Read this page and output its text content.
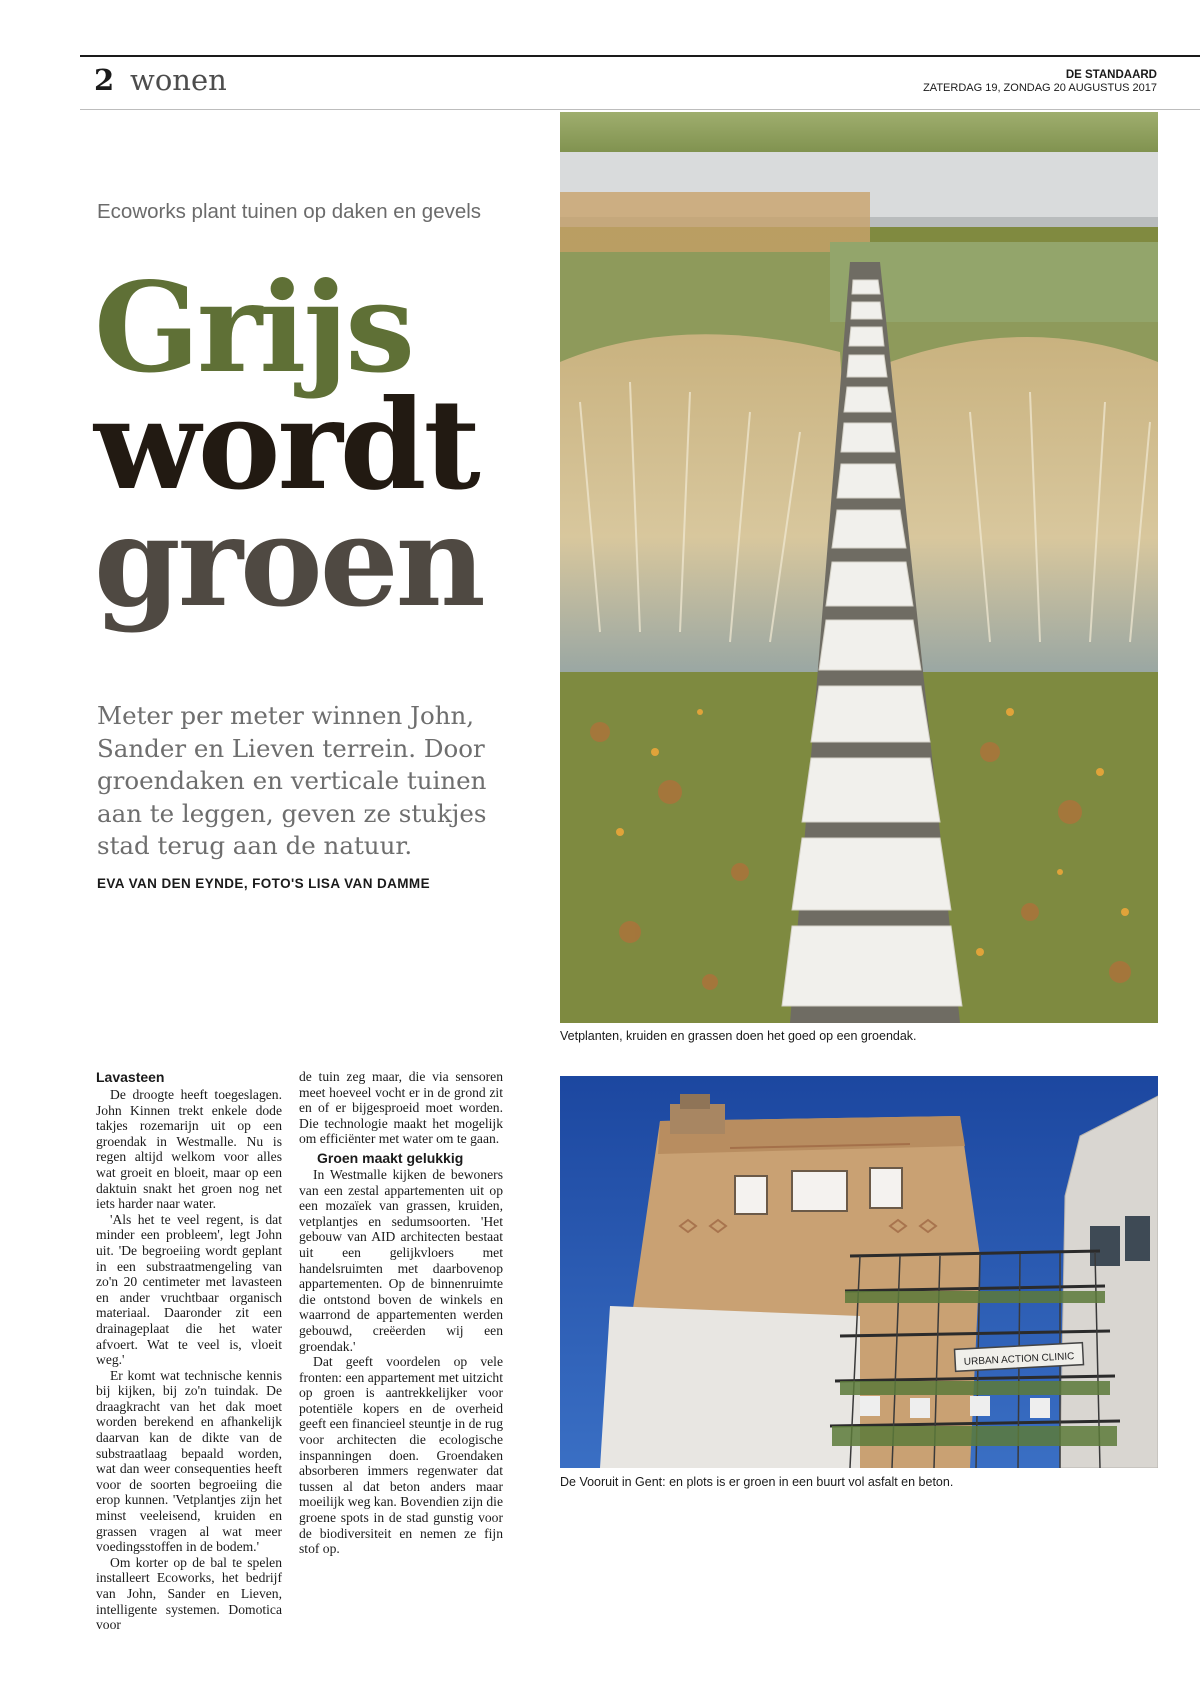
2 wonen	DE STANDAARD
ZATERDAG 19, ZONDAG 20 AUGUSTUS 2017
Ecoworks plant tuinen op daken en gevels
Grijs
wordt
groen

Meter per meter winnen John, Sander en Lieven terrein. Door groendaken en verticale tuinen aan te leggen, geven ze stukjes stad terug aan de natuur.

EVA VAN DEN EYNDE, FOTO'S LISA VAN DAMME
Vetplanten, kruiden en grassen doen het goed op een groendak.
Lavasteen

De droogte heeft toegeslagen. John Kinnen trekt enkele dode takjes rozemarijn uit op een groendak in Westmalle. Nu is regen altijd welkom voor alles wat groeit en bloeit, maar op een daktuin snakt het groen nog net iets harder naar water.

'Als het te veel regent, is dat minder een probleem', legt John uit. 'De begroeiing wordt geplant in een substraatmengeling van zo'n 20 centimeter met lavasteen en ander vruchtbaar organisch materiaal. Daaronder zit een drainageplaat die het water afvoert. Wat te veel is, vloeit weg.'

Er komt wat technische kennis bij kijken, bij zo'n tuindak. De draagkracht van het dak moet worden berekend en afhankelijk daarvan kan de dikte van de substraatlaag bepaald worden, wat dan weer consequenties heeft voor de soorten begroeiing die erop kunnen. 'Vetplantjes zijn het minst veeleisend, kruiden en grassen vragen al wat meer voedingsstoffen in de bodem.'

Om korter op de bal te spelen installeert Ecoworks, het bedrijf van John, Sander en Lieven, intelligente systemen. Domotica voor

de tuin zeg maar, die via sensoren meet hoeveel vocht er in de grond zit en of er bijgesproeid moet worden. Die technologie maakt het mogelijk om efficiënter met water om te gaan.

Groen maakt gelukkig

In Westmalle kijken de bewoners van een zestal appartementen uit op een mozaïek van grassen, kruiden, vetplantjes en sedumsoorten. 'Het gebouw van AID architecten bestaat uit een gelijkvloers met handelsruimten met daarbovenop appartementen. Op de binnenruimte die ontstond boven de winkels en waarrond de appartementen werden gebouwd, creëerden wij een groendak.'

Dat geeft voordelen op vele fronten: een appartement met uitzicht op groen is aantrekkelijker voor potentiële kopers en de overheid geeft een financieel steuntje in de rug voor architecten die ecologische inspanningen doen. Groendaken absorberen immers regenwater dat tussen al dat beton anders maar moeilijk weg kan. Bovendien zijn die groene spots in de stad gunstig voor de biodiversiteit en nemen ze fijn stof op.

URBAN ACTION CLINIC
De Vooruit in Gent: en plots is er groen in een buurt vol asfalt en beton.
